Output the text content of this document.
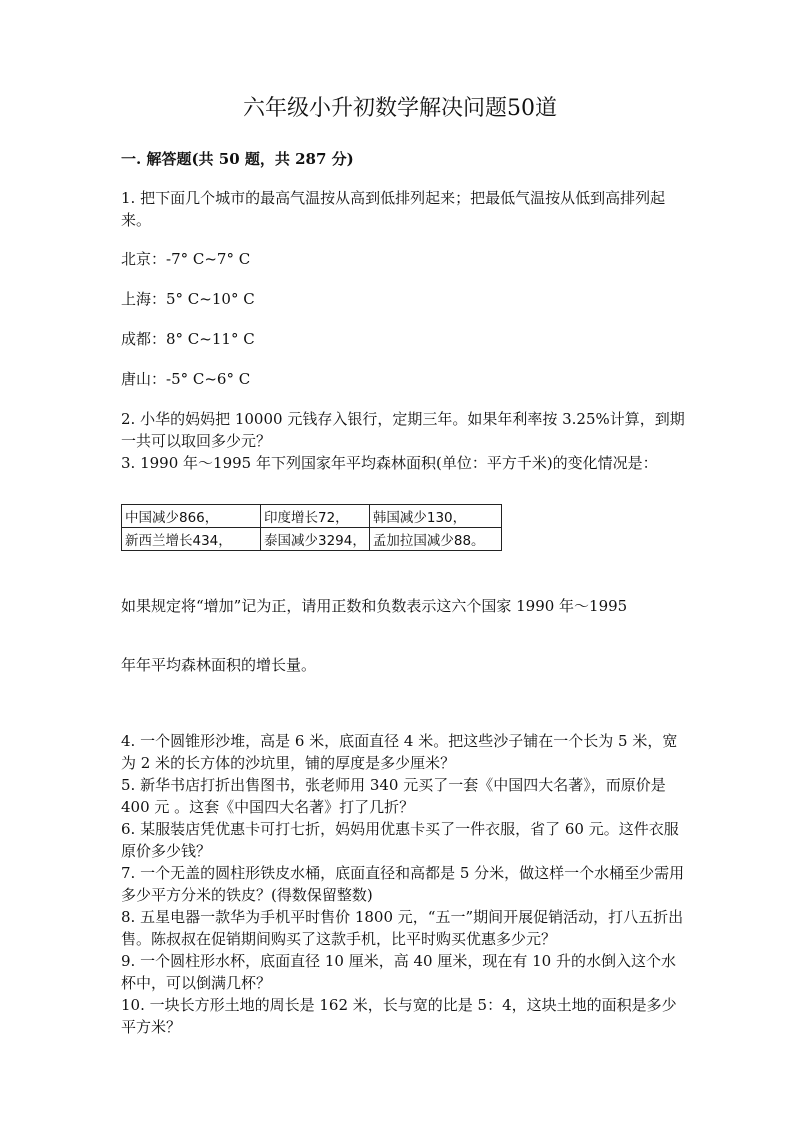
六年级小升初数学解决问题50道
一. 解答题(共 50 题，共 287 分)

1. 把下面几个城市的最高气温按从高到低排列起来；把最低气温按从低到高排列起来。

北京：-7° C~7° C

上海：5° C~10° C

成都：8° C~11° C

唐山：-5° C~6° C

2. 小华的妈妈把 10000 元钱存入银行，定期三年。如果年利率按 3.25%计算，到期一共可以取回多少元？

3. 1990 年～1995 年下列国家年平均森林面积(单位：平方千米)的变化情况是：

中国减少866，	印度增长72，	韩国减少130，
新西兰增长434，	泰国减少3294，	孟加拉国减少88。

如果规定将“增加”记为正，请用正数和负数表示这六个国家 1990 年～1995

年年平均森林面积的增长量。

4. 一个圆锥形沙堆，高是 6 米，底面直径 4 米。把这些沙子铺在一个长为 5 米，宽为 2 米的长方体的沙坑里，铺的厚度是多少厘米？
5. 新华书店打折出售图书，张老师用 340 元买了一套《中国四大名著》，而原价是 400 元 。这套《中国四大名著》打了几折？
6. 某服装店凭优惠卡可打七折，妈妈用优惠卡买了一件衣服，省了 60 元。这件衣服原价多少钱？
7. 一个无盖的圆柱形铁皮水桶，底面直径和高都是 5 分米，做这样一个水桶至少需用多少平方分米的铁皮？(得数保留整数)
8. 五星电器一款华为手机平时售价 1800 元，“五一”期间开展促销活动，打八五折出售。陈叔叔在促销期间购买了这款手机，比平时购买优惠多少元？
9. 一个圆柱形水杯，底面直径 10 厘米，高 40 厘米，现在有 10 升的水倒入这个水杯中，可以倒满几杯？
10. 一块长方形土地的周长是 162 米，长与宽的比是 5：4，这块土地的面积是多少平方米？
